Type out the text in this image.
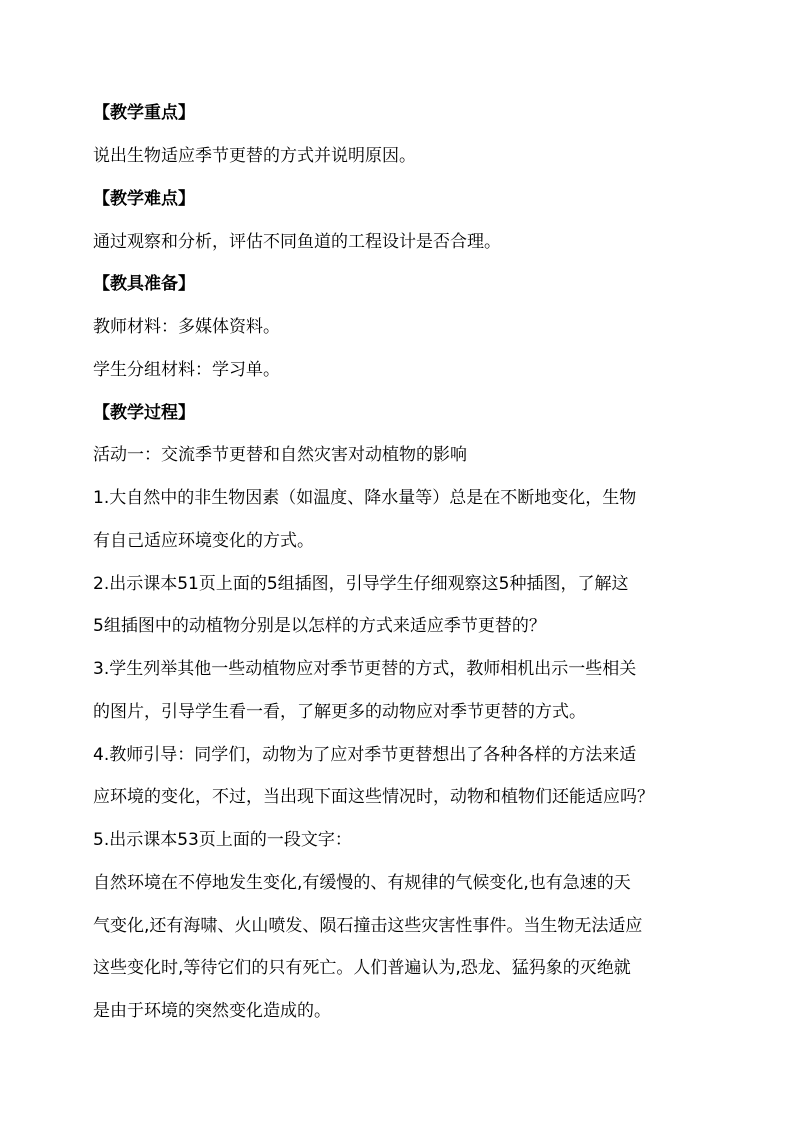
【教学重点】
说出生物适应季节更替的方式并说明原因。
【教学难点】
通过观察和分析，评估不同鱼道的工程设计是否合理。
【教具准备】
教师材料：多媒体资料。
学生分组材料：学习单。
【教学过程】
活动一：交流季节更替和自然灾害对动植物的影响
1.大自然中的非生物因素（如温度、降水量等）总是在不断地变化，生物
有自己适应环境变化的方式。
2.出示课本51页上面的5组插图，引导学生仔细观察这5种插图，了解这
5组插图中的动植物分别是以怎样的方式来适应季节更替的？
3.学生列举其他一些动植物应对季节更替的方式，教师相机出示一些相关
的图片，引导学生看一看，了解更多的动物应对季节更替的方式。
4.教师引导：同学们，动物为了应对季节更替想出了各种各样的方法来适
应环境的变化，不过，当出现下面这些情况时，动物和植物们还能适应吗？
5.出示课本53页上面的一段文字：
自然环境在不停地发生变化,有缓慢的、有规律的气候变化,也有急速的天
气变化,还有海啸、火山喷发、陨石撞击这些灾害性事件。当生物无法适应
这些变化时,等待它们的只有死亡。人们普遍认为,恐龙、猛犸象的灭绝就
是由于环境的突然变化造成的。
